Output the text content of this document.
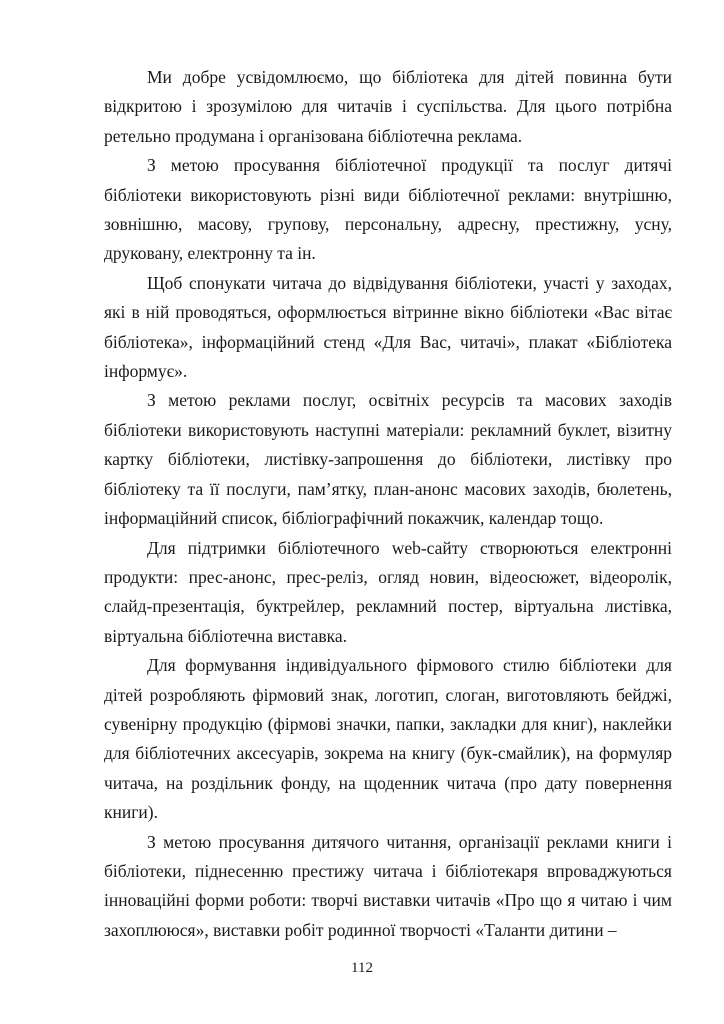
Ми добре усвідомлюємо, що бібліотека для дітей повинна бути відкритою і зрозумілою для читачів і суспільства. Для цього потрібна ретельно продумана і організована бібліотечна реклама.

З метою просування бібліотечної продукції та послуг дитячі бібліотеки використовують різні види бібліотечної реклами: внутрішню, зовнішню, масову, групову, персональну, адресну, престижну, усну, друковану, електронну та ін.

Щоб спонукати читача до відвідування бібліотеки, участі у заходах, які в ній проводяться, оформлюється вітринне вікно бібліотеки «Вас вітає бібліотека», інформаційний стенд «Для Вас, читачі», плакат «Бібліотека інформує».

З метою реклами послуг, освітніх ресурсів та масових заходів бібліотеки використовують наступні матеріали: рекламний буклет, візитну картку бібліотеки, листівку-запрошення до бібліотеки, листівку про бібліотеку та її послуги, пам’ятку, план-анонс масових заходів, бюлетень, інформаційний список, бібліографічний покажчик, календар тощо.

Для підтримки бібліотечного web-сайту створюються електронні продукти: прес-анонс, прес-реліз, огляд новин, відеосюжет, відеоролік, слайд-презентація, буктрейлер, рекламний постер, віртуальна листівка, віртуальна бібліотечна виставка.

Для формування індивідуального фірмового стилю бібліотеки для дітей розробляють фірмовий знак, логотип, слоган, виготовляють бейджі, сувенірну продукцію (фірмові значки, папки, закладки для книг), наклейки для бібліотечних аксесуарів, зокрема на книгу (бук-смайлик), на формуляр читача, на роздільник фонду, на щоденник читача (про дату повернення книги).

З метою просування дитячого читання, організації реклами книги і бібліотеки, піднесенню престижу читача і бібліотекаря впроваджуються інноваційні форми роботи: творчі виставки читачів «Про що я читаю і чим захоплююся», виставки робіт родинної творчості «Таланти дитини –

112
